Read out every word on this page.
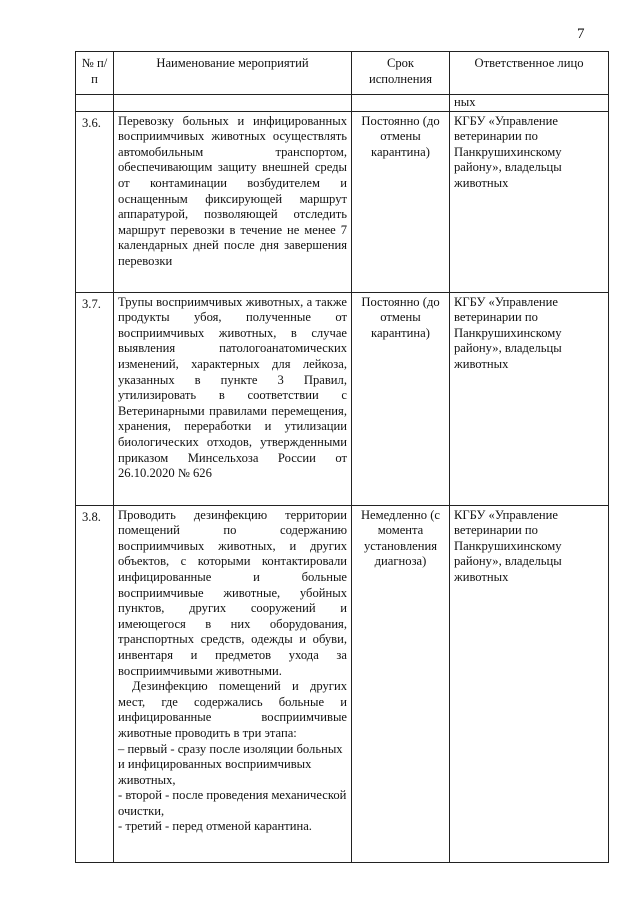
7
№ п/п	Наименование мероприятий	Срок исполнения	Ответственное лицо
			ных
3.6.	Перевозку больных и инфицированных восприимчивых животных осуществлять автомобильным транспортом, обеспечивающим защиту внешней среды от контаминации возбудителем и оснащенным фиксирующей маршрут аппаратурой, позволяющей отследить маршрут перевозки в течение не менее 7 календарных дней после дня завершения перевозки	Постоянно (до отмены карантина)	КГБУ «Управление ветеринарии по Панкрушихинскому району», владельцы животных
3.7.	Трупы восприимчивых животных, а также продукты убоя, полученные от восприимчивых животных, в случае выявления патологоанатомических изменений, характерных для лейкоза, указанных в пункте 3 Правил, утилизировать в соответствии с Ветеринарными правилами перемещения, хранения, переработки и утилизации биологических отходов, утвержденными приказом Минсельхоза России от 26.10.2020 № 626	Постоянно (до отмены карантина)	КГБУ «Управление ветеринарии по Панкрушихинскому району», владельцы животных
3.8.	Проводить дезинфекцию территории помещений по содержанию восприимчивых животных, и других объектов, с которыми контактировали инфицированные и больные восприимчивые животные, убойных пунктов, других сооружений и имеющегося в них оборудования, транспортных средств, одежды и обуви, инвентаря и предметов ухода за восприимчивыми животными.

Дезинфекцию помещений и других мест, где содержались больные и инфицированные восприимчивые животные проводить в три этапа:

– первый - сразу после изоляции больных и инфицированных восприимчивых животных,

- второй - после проведения механической очистки,

- третий - перед отменой карантина.	Немедленно (с момента установления диагноза)	КГБУ «Управление ветеринарии по Панкрушихинскому району», владельцы животных
